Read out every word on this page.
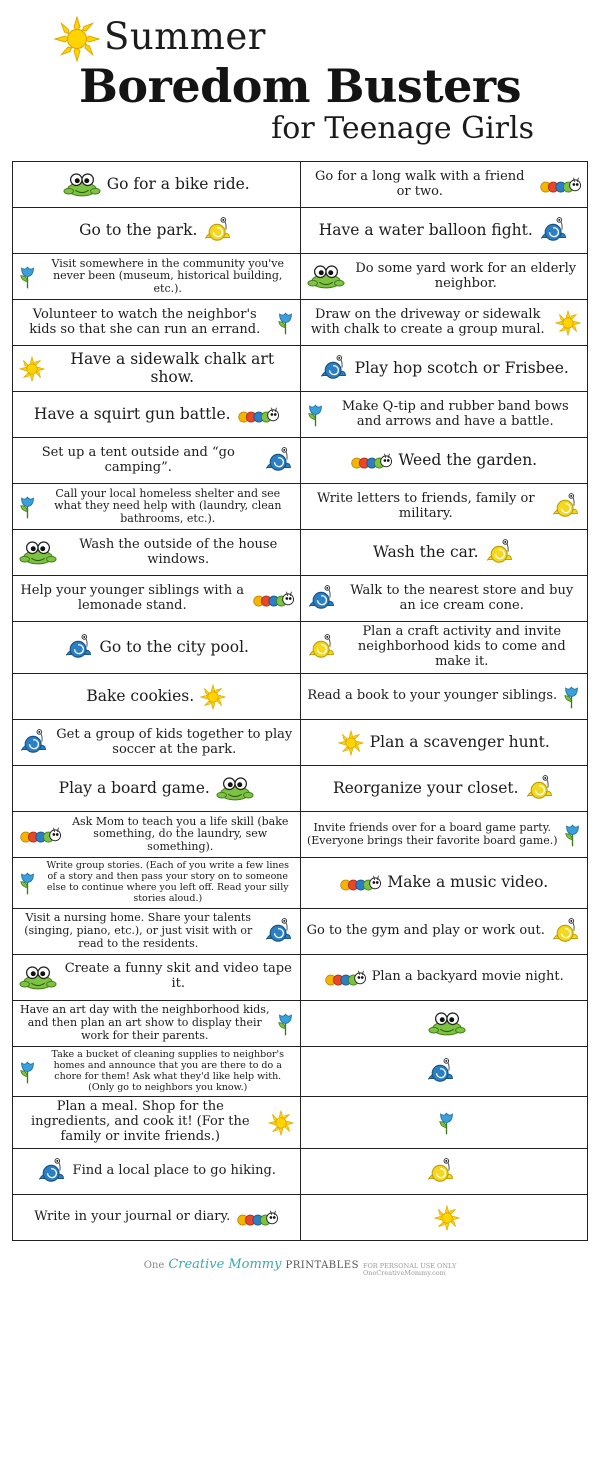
Summer
Boredom Busters
for Teenage Girls
Go for a bike ride.	Go for a long walk with a friend or two.

Go to the park.	Have a water balloon fight.

Visit somewhere in the community you've never been (museum, historical building, etc.).	Do some yard work for an elderly neighbor.

Volunteer to watch the neighbor's kids so that she can run an errand.	Draw on the driveway or sidewalk with chalk to create a group mural.

Have a sidewalk chalk art show.	Play hop scotch or Frisbee.

Have a squirt gun battle.	Make Q-tip and rubber band bows and arrows and have a battle.

Set up a tent outside and “go camping”.	Weed the garden.

Call your local homeless shelter and see what they need help with (laundry, clean bathrooms, etc.).	Write letters to friends, family or military.

Wash the outside of the house windows.	Wash the car.

Help your younger siblings with a lemonade stand.	Walk to the nearest store and buy an ice cream cone.

Go to the city pool.	Plan a craft activity and invite neighborhood kids to come and make it.

Bake cookies.	Read a book to your younger siblings.

Get a group of kids together to play soccer at the park.	Plan a scavenger hunt.

Play a board game.	Reorganize your closet.

Ask Mom to teach you a life skill (bake something, do the laundry, sew something).	Invite friends over for a board game party. (Everyone brings their favorite board game.)

Write group stories. (Each of you write a few lines of a story and then pass your story on to someone else to continue where you left off. Read your silly stories aloud.)	Make a music video.

Visit a nursing home. Share your talents (singing, piano, etc.), or just visit with or read to the residents.	Go to the gym and play or work out.

Create a funny skit and video tape it.	Plan a backyard movie night.

Have an art day with the neighborhood kids, and then plan an art show to display their work for their parents.

Take a bucket of cleaning supplies to neighbor's homes and announce that you are there to do a chore for them! Ask what they'd like help with. (Only go to neighbors you know.)

Plan a meal. Shop for the ingredients, and cook it! (For the family or invite friends.)

Find a local place to go hiking.

Write in your journal or diary.

One Creative Mommy PRINTABLES FOR PERSONAL USE ONLY
OneCreativeMommy.com
